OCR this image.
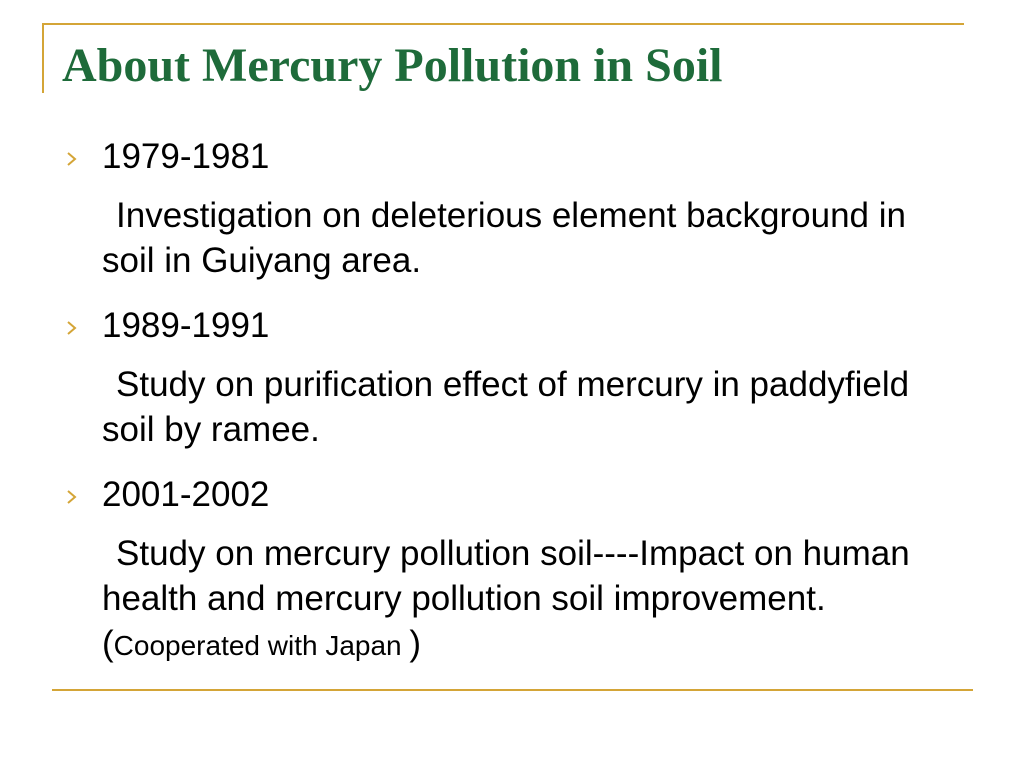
About Mercury Pollution in Soil
1979-1981
Investigation on deleterious element background in soil in Guiyang area.
1989-1991
Study on purification effect of mercury in paddyfield soil by ramee.
2001-2002
Study on mercury pollution soil----Impact on human health and mercury pollution soil improvement. (Cooperated with Japan )
